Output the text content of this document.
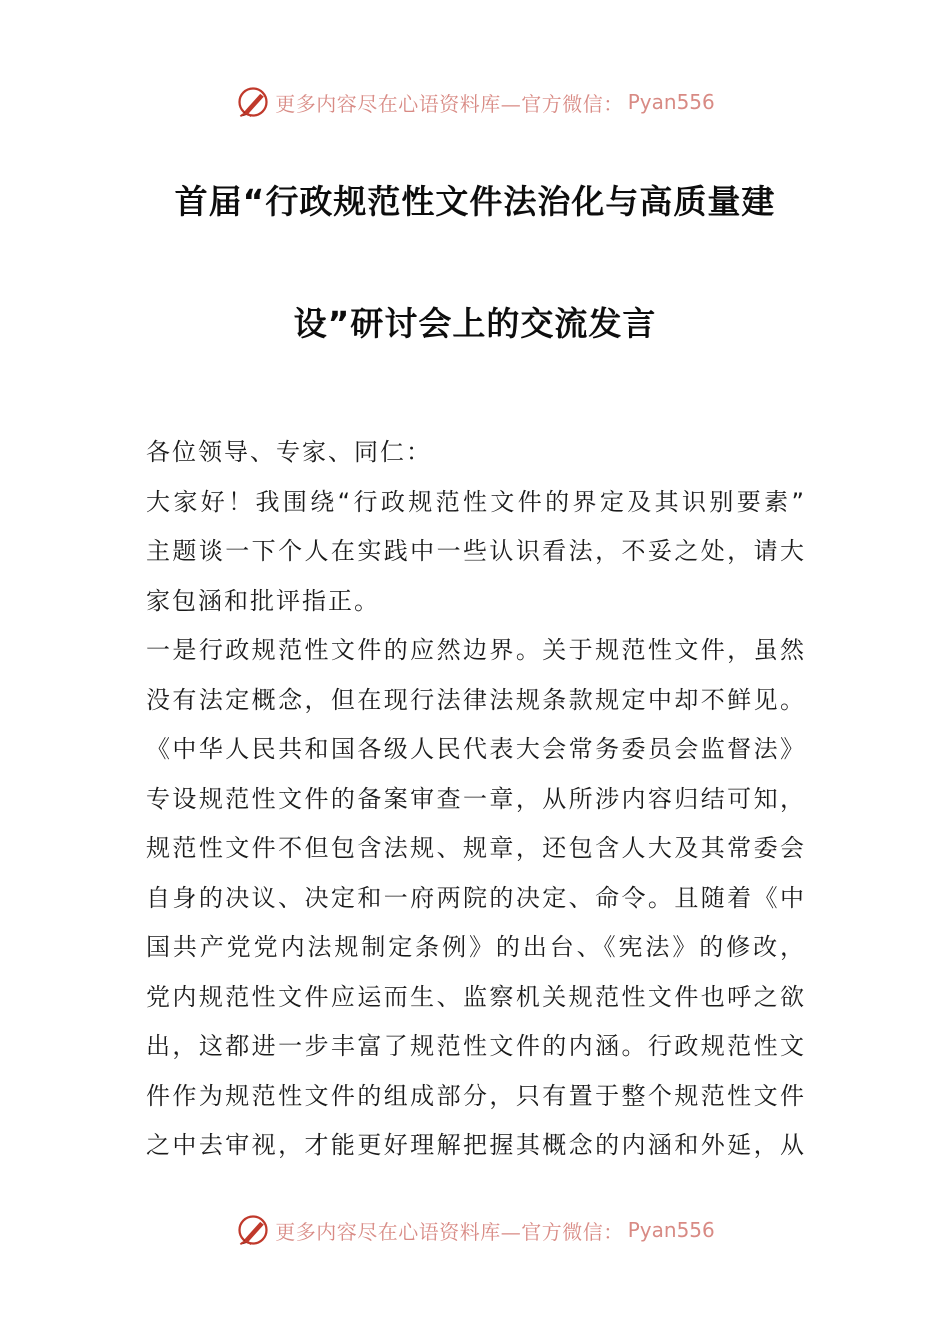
更多内容尽在心语资料库—官方微信： Pyan556
首届“行政规范性文件法治化与高质量建
设”研讨会上的交流发言
各位领导、专家、同仁：
大家好！我围绕“行政规范性文件的界定及其识别要素”
主题谈一下个人在实践中一些认识看法，不妥之处，请大
家包涵和批评指正。
一是行政规范性文件的应然边界。关于规范性文件，虽然
没有法定概念，但在现行法律法规条款规定中却不鲜见。
《中华人民共和国各级人民代表大会常务委员会监督法》
专设规范性文件的备案审查一章，从所涉内容归结可知，
规范性文件不但包含法规、规章，还包含人大及其常委会
自身的决议、决定和一府两院的决定、命令。且随着《中
国共产党党内法规制定条例》的出台、《宪法》的修改，
党内规范性文件应运而生、监察机关规范性文件也呼之欲
出，这都进一步丰富了规范性文件的内涵。行政规范性文
件作为规范性文件的组成部分，只有置于整个规范性文件
之中去审视，才能更好理解把握其概念的内涵和外延，从
更多内容尽在心语资料库—官方微信： Pyan556
